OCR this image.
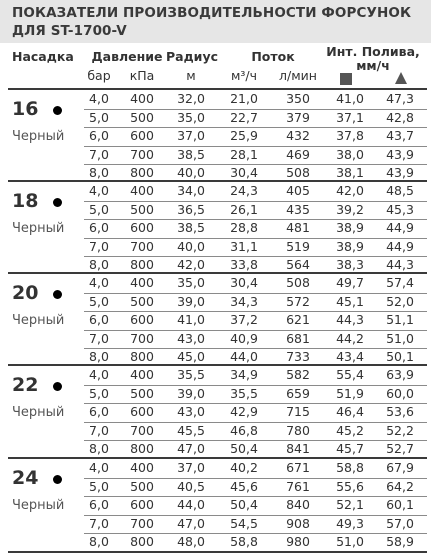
ПОКАЗАТЕЛИ ПРОИЗВОДИТЕЛЬНОСТИ ФОРСУНОК
ДЛЯ ST-1700-V
Насадка Давление Радиус	Поток	Инт. Полива,
мм/ч
бар кПа	м	м³/ч л/мин
16
Черный
4,0 400 32,0 21,0 350 41,0 47,3
5,0 500 35,0 22,7 379 37,1 42,8
6,0 600 37,0 25,9 432 37,8 43,7
7,0 700 38,5 28,1 469 38,0 43,9
8,0 800 40,0 30,4 508 38,1 43,9
18
Черный
4,0 400 34,0 24,3 405 42,0 48,5
5,0 500 36,5 26,1 435 39,2 45,3
6,0 600 38,5 28,8 481 38,9 44,9
7,0 700 40,0 31,1 519 38,9 44,9
8,0 800 42,0 33,8 564 38,3 44,3
20
Черный
4,0 400 35,0 30,4 508 49,7 57,4
5,0 500 39,0 34,3 572 45,1 52,0
6,0 600 41,0 37,2 621 44,3 51,1
7,0 700 43,0 40,9 681 44,2 51,0
8,0 800 45,0 44,0 733 43,4 50,1
22
Черный
4,0 400 35,5 34,9 582 55,4 63,9
5,0 500 39,0 35,5 659 51,9 60,0
6,0 600 43,0 42,9 715 46,4 53,6
7,0 700 45,5 46,8 780 45,2 52,2
8,0 800 47,0 50,4 841 45,7 52,7
24
Черный
4,0 400 37,0 40,2 671 58,8 67,9
5,0 500 40,5 45,6 761 55,6 64,2
6,0 600 44,0 50,4 840 52,1 60,1
7,0 700 47,0 54,5 908 49,3 57,0
8,0 800 48,0 58,8 980 51,0 58,9
